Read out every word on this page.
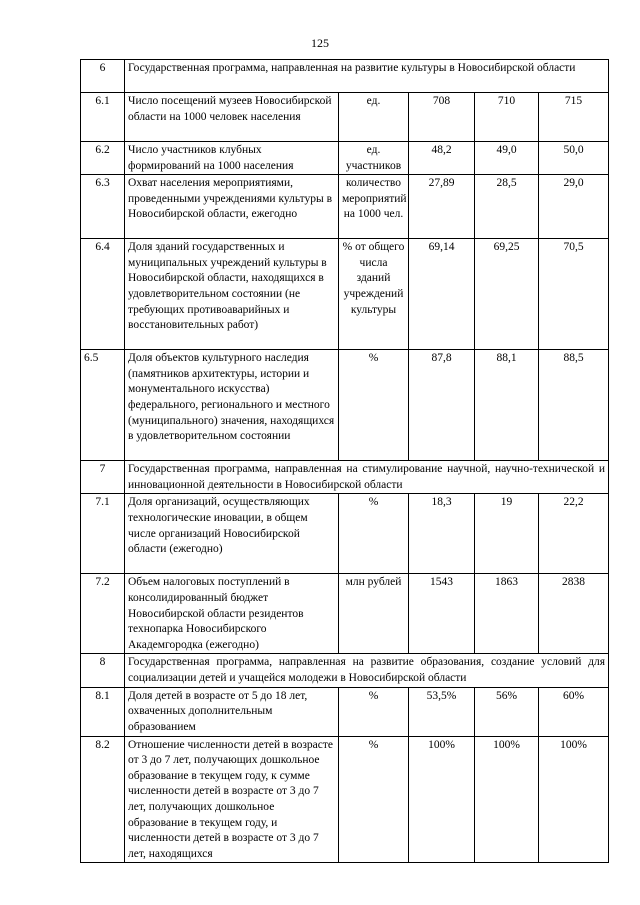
125
6	Государственная программа, направленная на развитие культуры в Новосибирской области				
6.1	Число посещений музеев Новосибирской области на 1000 человек населения	ед.	708	710	715
6.2	Число участников клубных формирований на 1000 населения	ед. участников	48,2	49,0	50,0
6.3	Охват населения мероприятиями, проведенными учреждениями культуры в Новосибирской области, ежегодно	количество мероприятий на 1000 чел.	27,89	28,5	29,0
6.4	Доля зданий государственных и муниципальных учреждений культуры в Новосибирской области, находящихся в удовлетворительном состоянии (не требующих противоаварийных и восстановительных работ)	% от общего числа зданий учреждений культуры	69,14	69,25	70,5
6.5	Доля объектов культурного наследия (памятников архитектуры, истории и монументального искусства) федерального, регионального и местного (муниципального) значения, находящихся в удовлетворительном состоянии	%	87,8	88,1	88,5
7	Государственная программа, направленная на стимулирование научной, научно-технической и инновационной деятельности в Новосибирской области				
7.1	Доля организаций, осуществляющих технологические иновации, в общем числе организаций Новосибирской области (ежегодно)	%	18,3	19	22,2
7.2	Объем налоговых поступлений в консолидированный бюджет Новосибирской области резидентов технопарка Новосибирского Академгородка (ежегодно)	млн рублей	1543	1863	2838
8	Государственная программа, направленная на развитие образования, создание условий для социализации детей и учащейся молодежи в Новосибирской области				
8.1	Доля детей в возрасте от 5 до 18 лет, охваченных дополнительным образованием	%	53,5%	56%	60%
8.2	Отношение численности детей в возрасте от 3 до 7 лет, получающих дошкольное образование в текущем году, к сумме численности детей в возрасте от 3 до 7 лет, получающих дошкольное образование в текущем году, и численности детей в возрасте от 3 до 7 лет, находящихся	%	100%	100%	100%
